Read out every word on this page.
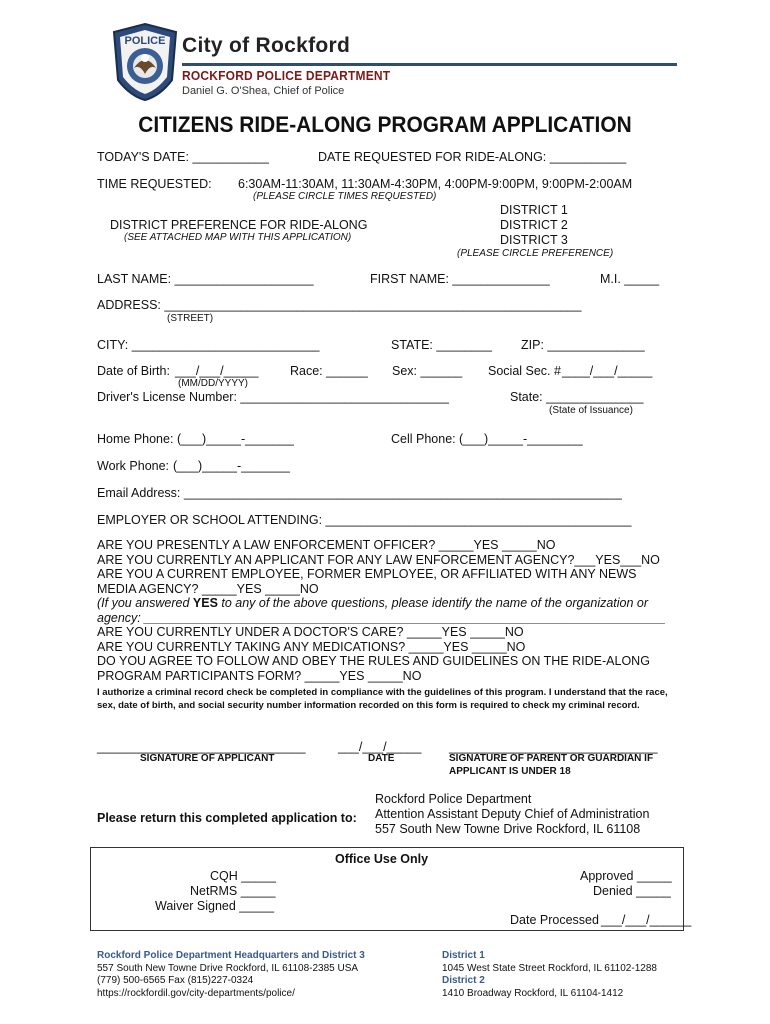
POLICE City of Rockford
ROCKFORD POLICE DEPARTMENT
Daniel G. O'Shea, Chief of Police
CITIZENS RIDE-ALONG PROGRAM APPLICATION
TODAY'S DATE: ___________	DATE REQUESTED FOR RIDE-ALONG: ___________
TIME REQUESTED: 6:30AM-11:30AM, 11:30AM-4:30PM, 4:00PM-9:00PM, 9:00PM-2:00AM
(PLEASE CIRCLE TIMES REQUESTED)
DISTRICT PREFERENCE FOR RIDE-ALONG
(SEE ATTACHED MAP WITH THIS APPLICATION)
DISTRICT 1
DISTRICT 2
DISTRICT 3
(PLEASE CIRCLE PREFERENCE)
LAST NAME: ____________________	FIRST NAME: ______________	M.I. _____
ADDRESS: ____________________________________________________________
(STREET)
CITY: ___________________________	STATE: ________ ZIP: ______________
Date of Birth: ___/___/_____
(MM/DD/YYYY)
Race: ______ Sex: ______ Social Sec. # ____/___/_____
Driver's License Number: ______________________________	State: ______________
(State of Issuance)
Home Phone: (___)_____-_______	Cell Phone: (___)_____-________
Work Phone: (___)_____-_______
Email Address: _______________________________________________________________
EMPLOYER OR SCHOOL ATTENDING: ____________________________________________
ARE YOU PRESENTLY A LAW ENFORCEMENT OFFICER? _____YES _____NO
ARE YOU CURRENTLY AN APPLICANT FOR ANY LAW ENFORCEMENT AGENCY?___YES___NO
ARE YOU A CURRENT EMPLOYEE, FORMER EMPLOYEE, OR AFFILIATED WITH ANY NEWS MEDIA AGENCY? _____YES _____NO
(If you answered YES to any of the above questions, please identify the name of the organization or agency: ___________________________________________________________________________
ARE YOU CURRENTLY UNDER A DOCTOR'S CARE? _____YES _____NO
ARE YOU CURRENTLY TAKING ANY MEDICATIONS? _____YES _____NO
DO YOU AGREE TO FOLLOW AND OBEY THE RULES AND GUIDELINES ON THE RIDE-ALONG PROGRAM PARTICIPANTS FORM? _____YES _____NO
I authorize a criminal record check be completed in compliance with the guidelines of this program. I understand that the race, sex, date of birth, and social security number information recorded on this form is required to check my criminal record.
______________________________
SIGNATURE OF APPLICANT
___/___/_____
DATE
______________________________
SIGNATURE OF PARENT OR GUARDIAN IF
APPLICANT IS UNDER 18
Please return this completed application to:
Rockford Police Department
Attention Assistant Deputy Chief of Administration
557 South New Towne Drive Rockford, IL 61108
Office Use Only
CQH _____
NetRMS _____
Waiver Signed _____
Approved _____
Denied _____
Date Processed ___/___/______
Rockford Police Department Headquarters and District 3
557 South New Towne Drive Rockford, IL 61108-2385 USA
(779) 500-6565 Fax (815)227-0324
https://rockfordil.gov/city-departments/police/
District 1
1045 West State Street Rockford, IL 61102-1288
District 2
1410 Broadway Rockford, IL 61104-1412
